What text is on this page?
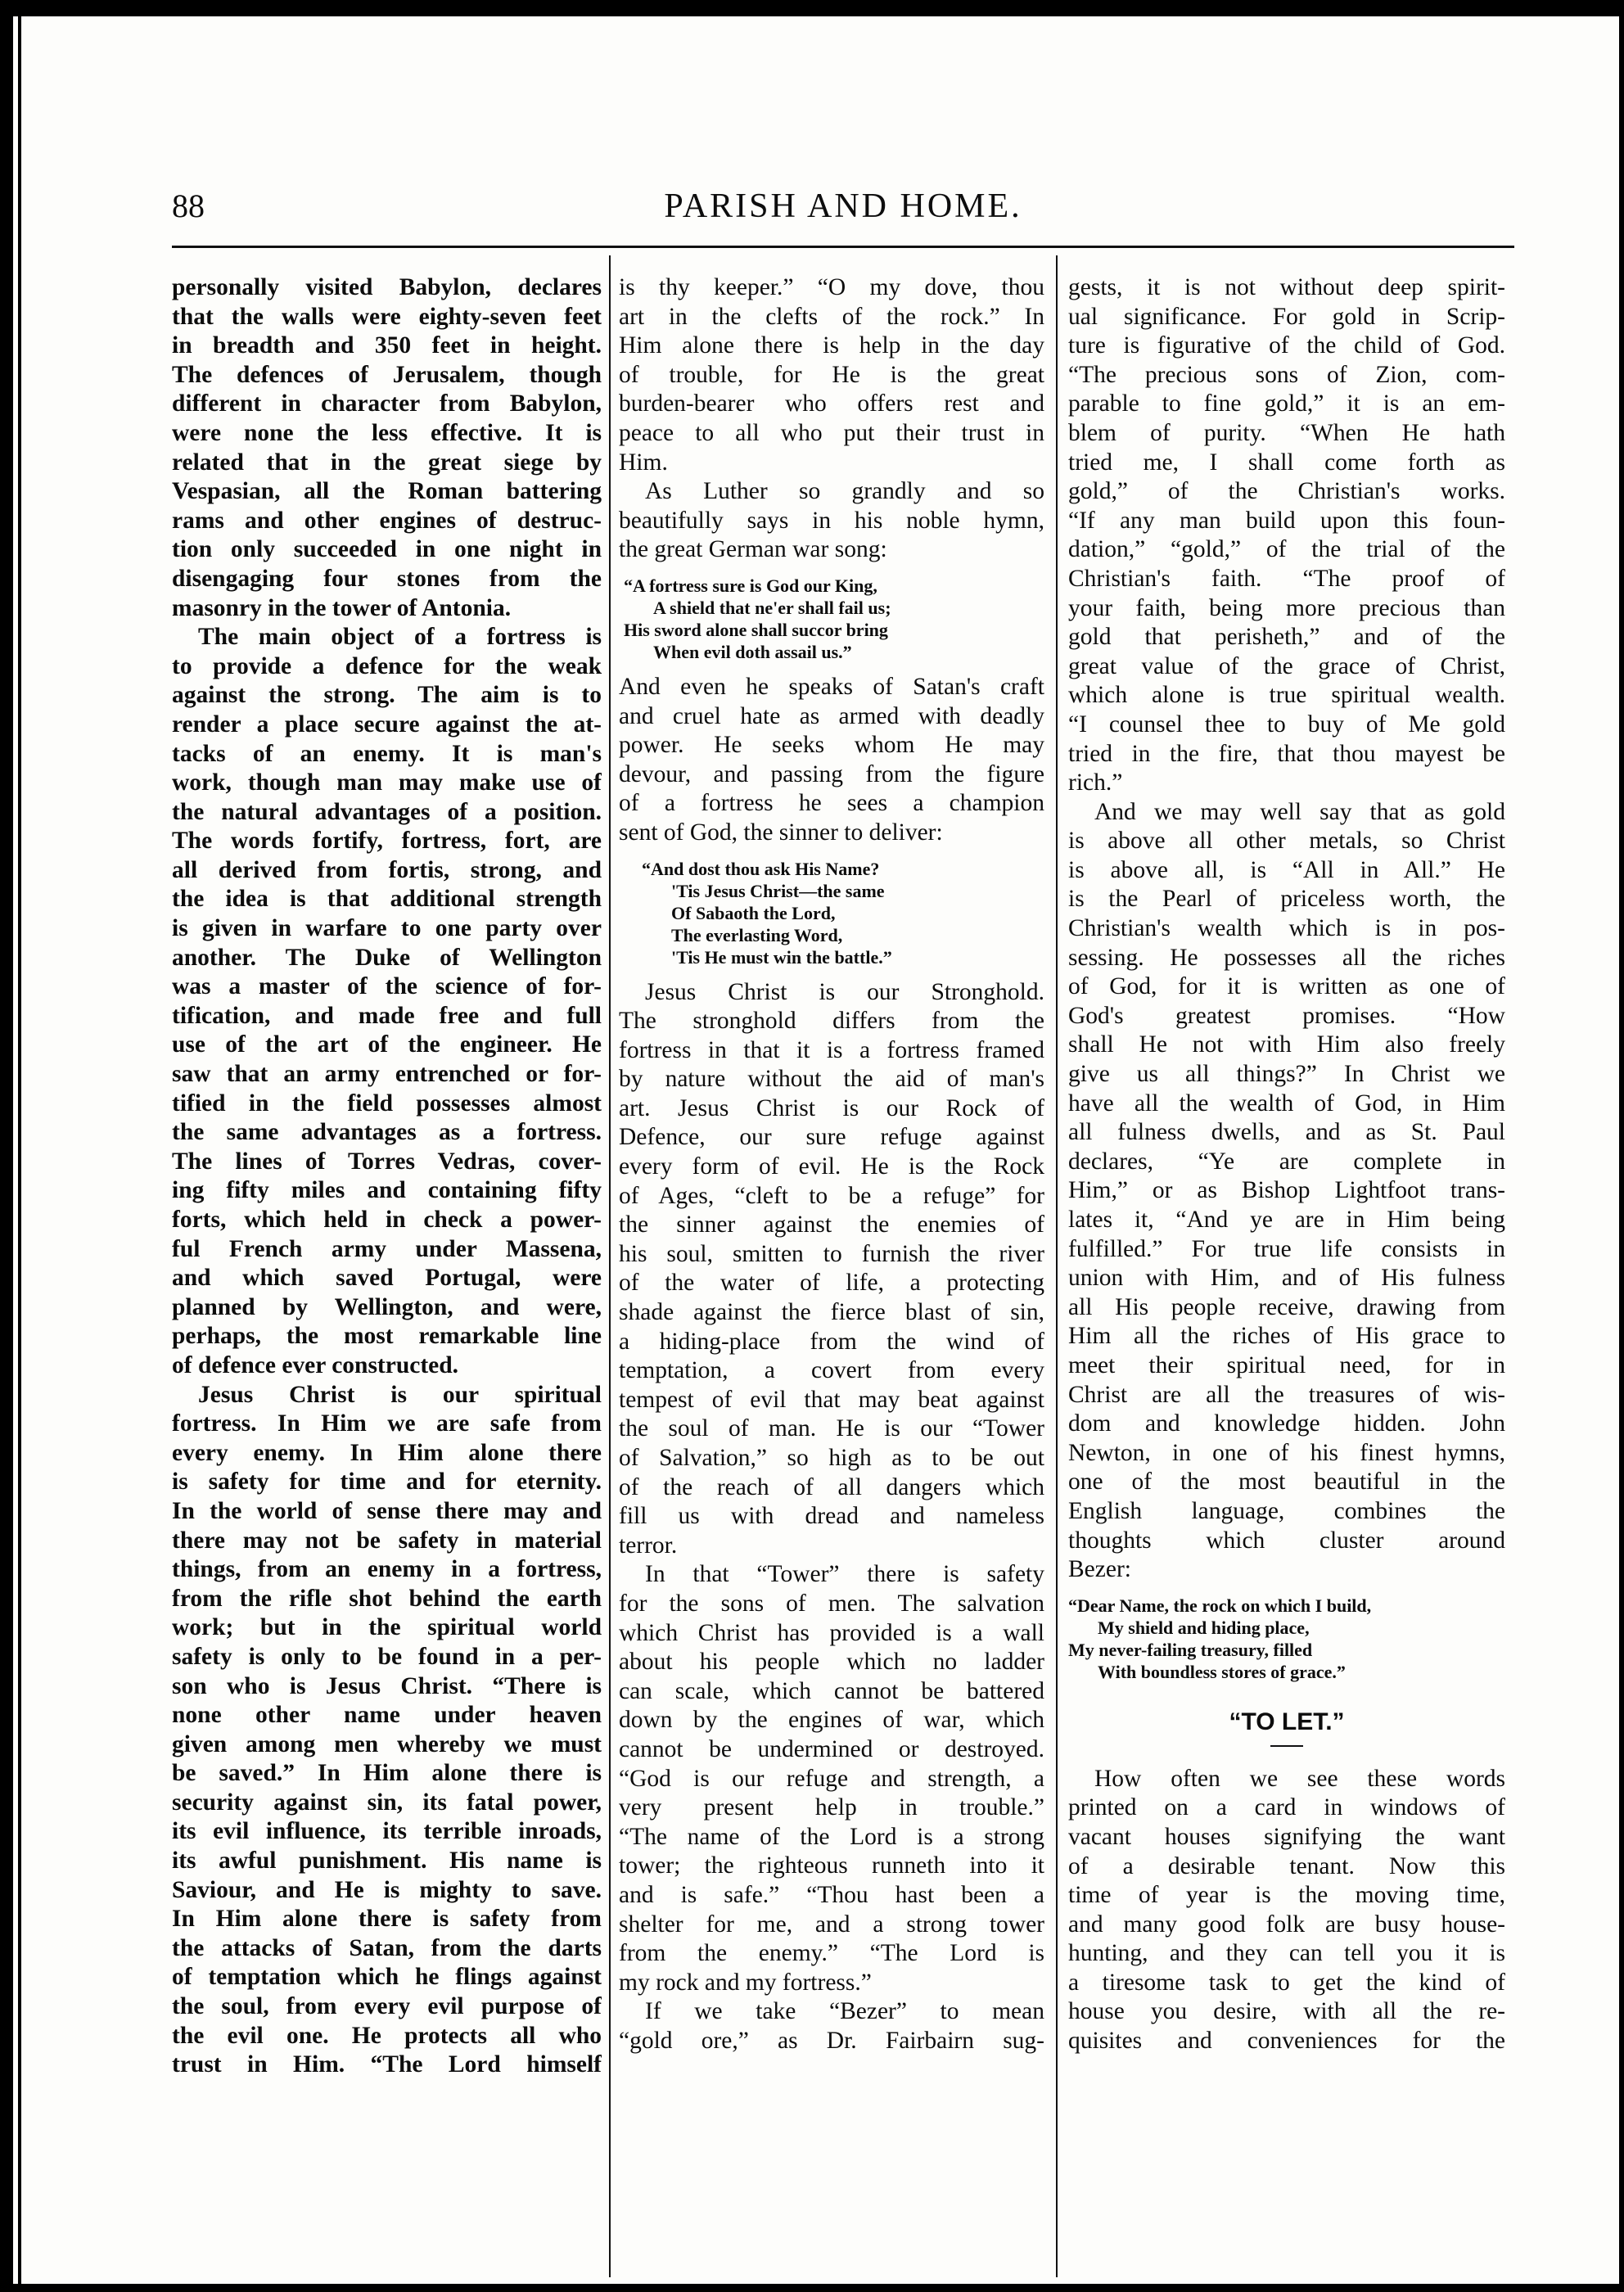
PARISH AND HOME.
88
personally visited Babylon, declares
that the walls were eighty-seven feet
in breadth and 350 feet in height.
The defences of Jerusalem, though
different in character from Babylon,
were none the less effective. It is
related that in the great siege by
Vespasian, all the Roman battering
rams and other engines of destruc-
tion only succeeded in one night in
disengaging four stones from the
masonry in the tower of Antonia.
The main object of a fortress is
to provide a defence for the weak
against the strong. The aim is to
render a place secure against the at-
tacks of an enemy. It is man's
work, though man may make use of
the natural advantages of a position.
The words fortify, fortress, fort, are
all derived from fortis, strong, and
the idea is that additional strength
is given in warfare to one party over
another. The Duke of Wellington
was a master of the science of for-
tification, and made free and full
use of the art of the engineer. He
saw that an army entrenched or for-
tified in the field possesses almost
the same advantages as a fortress.
The lines of Torres Vedras, cover-
ing fifty miles and containing fifty
forts, which held in check a power-
ful French army under Massena,
and which saved Portugal, were
planned by Wellington, and were,
perhaps, the most remarkable line
of defence ever constructed.
Jesus Christ is our spiritual
fortress. In Him we are safe from
every enemy. In Him alone there
is safety for time and for eternity.
In the world of sense there may and
there may not be safety in material
things, from an enemy in a fortress,
from the rifle shot behind the earth
work; but in the spiritual world
safety is only to be found in a per-
son who is Jesus Christ. “There is
none other name under heaven
given among men whereby we must
be saved.” In Him alone there is
security against sin, its fatal power,
its evil influence, its terrible inroads,
its awful punishment. His name is
Saviour, and He is mighty to save.
In Him alone there is safety from
the attacks of Satan, from the darts
of temptation which he flings against
the soul, from every evil purpose of
the evil one. He protects all who
trust in Him. “The Lord himself
is thy keeper.” “O my dove, thou
art in the clefts of the rock.” In
Him alone there is help in the day
of trouble, for He is the great
burden-bearer who offers rest and
peace to all who put their trust in
Him.
As Luther so grandly and so
beautifully says in his noble hymn,
the great German war song:
“A fortress sure is God our King,
A shield that ne'er shall fail us;
His sword alone shall succor bring
When evil doth assail us.”
And even he speaks of Satan's craft
and cruel hate as armed with deadly
power. He seeks whom He may
devour, and passing from the figure
of a fortress he sees a champion
sent of God, the sinner to deliver:
“And dost thou ask His Name?
'Tis Jesus Christ—the same
Of Sabaoth the Lord,
The everlasting Word,
'Tis He must win the battle.”
Jesus Christ is our Stronghold.
The stronghold differs from the
fortress in that it is a fortress framed
by nature without the aid of man's
art. Jesus Christ is our Rock of
Defence, our sure refuge against
every form of evil. He is the Rock
of Ages, “cleft to be a refuge” for
the sinner against the enemies of
his soul, smitten to furnish the river
of the water of life, a protecting
shade against the fierce blast of sin,
a hiding-place from the wind of
temptation, a covert from every
tempest of evil that may beat against
the soul of man. He is our “Tower
of Salvation,” so high as to be out
of the reach of all dangers which
fill us with dread and nameless
terror.
In that “Tower” there is safety
for the sons of men. The salvation
which Christ has provided is a wall
about his people which no ladder
can scale, which cannot be battered
down by the engines of war, which
cannot be undermined or destroyed.
“God is our refuge and strength, a
very present help in trouble.”
“The name of the Lord is a strong
tower; the righteous runneth into it
and is safe.” “Thou hast been a
shelter for me, and a strong tower
from the enemy.” “The Lord is
my rock and my fortress.”
If we take “Bezer” to mean
“gold ore,” as Dr. Fairbairn sug-
gests, it is not without deep spirit-
ual significance. For gold in Scrip-
ture is figurative of the child of God.
“The precious sons of Zion, com-
parable to fine gold,” it is an em-
blem of purity. “When He hath
tried me, I shall come forth as
gold,” of the Christian's works.
“If any man build upon this foun-
dation,” “gold,” of the trial of the
Christian's faith. “The proof of
your faith, being more precious than
gold that perisheth,” and of the
great value of the grace of Christ,
which alone is true spiritual wealth.
“I counsel thee to buy of Me gold
tried in the fire, that thou mayest be
rich.”
And we may well say that as gold
is above all other metals, so Christ
is above all, is “All in All.” He
is the Pearl of priceless worth, the
Christian's wealth which is in pos-
sessing. He possesses all the riches
of God, for it is written as one of
God's greatest promises. “How
shall He not with Him also freely
give us all things?” In Christ we
have all the wealth of God, in Him
all fulness dwells, and as St. Paul
declares, “Ye are complete in
Him,” or as Bishop Lightfoot trans-
lates it, “And ye are in Him being
fulfilled.” For true life consists in
union with Him, and of His fulness
all His people receive, drawing from
Him all the riches of His grace to
meet their spiritual need, for in
Christ are all the treasures of wis-
dom and knowledge hidden. John
Newton, in one of his finest hymns,
one of the most beautiful in the
English language, combines the
thoughts which cluster around
Bezer:
“Dear Name, the rock on which I build,
My shield and hiding place,
My never-failing treasury, filled
With boundless stores of grace.”
“TO LET.”
How often we see these words
printed on a card in windows of
vacant houses signifying the want
of a desirable tenant. Now this
time of year is the moving time,
and many good folk are busy house-
hunting, and they can tell you it is
a tiresome task to get the kind of
house you desire, with all the re-
quisites and conveniences for the
